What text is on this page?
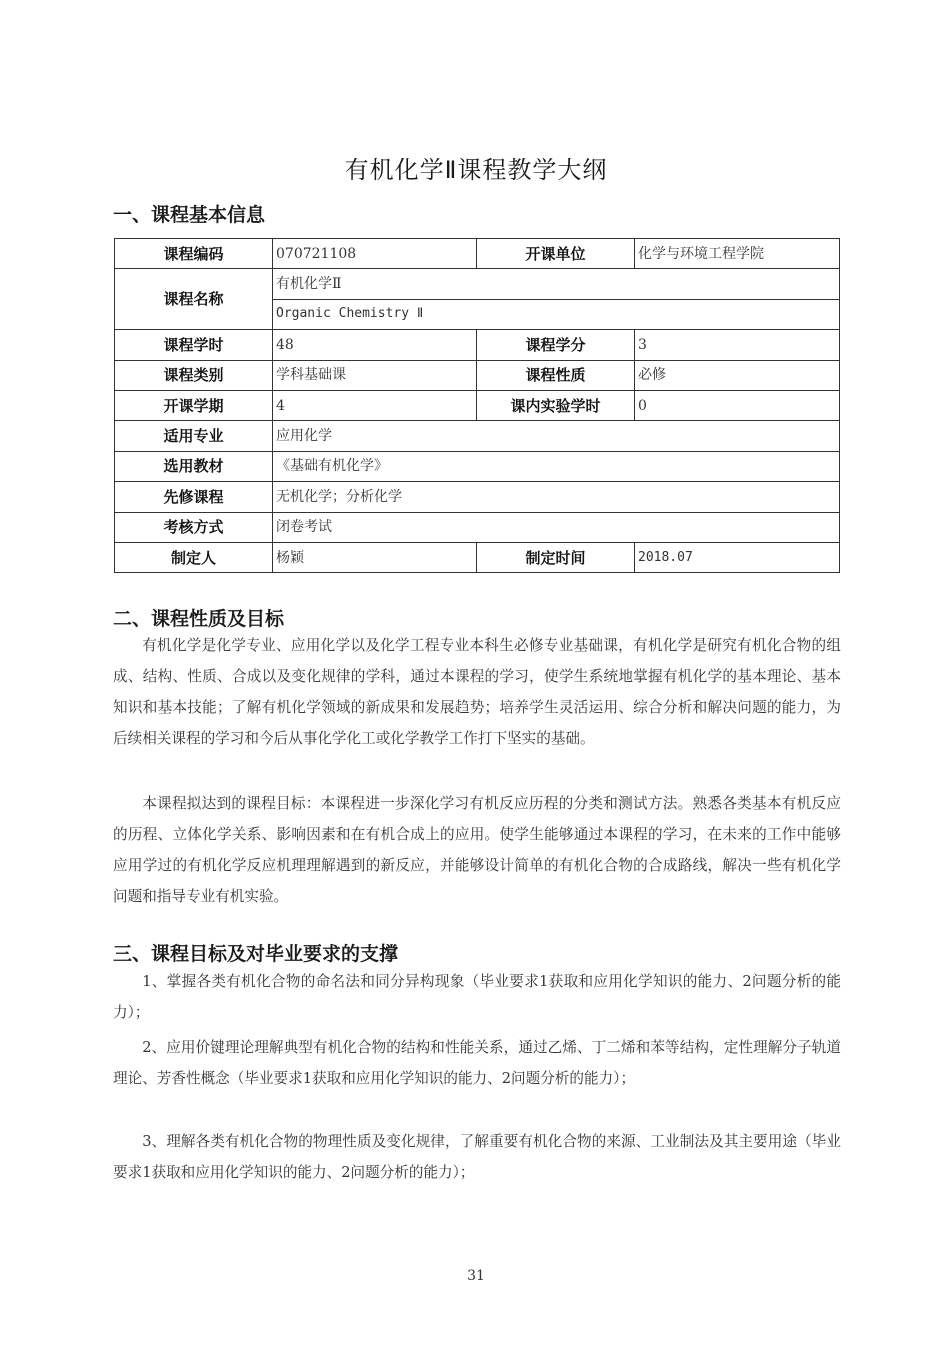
有机化学Ⅱ课程教学大纲
一、课程基本信息
课程编码	070721108	开课单位	化学与环境工程学院
课程名称	有机化学Ⅱ		
	Organic Chemistry Ⅱ		
课程学时	48	课程学分	3
课程类别	学科基础课	课程性质	必修
开课学期	4	课内实验学时	0
适用专业	应用化学		
选用教材	《基础有机化学》		
先修课程	无机化学；分析化学		
考核方式	闭卷考试		
制定人	杨颖	制定时间	2018.07
二、课程性质及目标

有机化学是化学专业、应用化学以及化学工程专业本科生必修专业基础课，有机化学是研究有机化合物的组成、结构、性质、合成以及变化规律的学科，通过本课程的学习，使学生系统地掌握有机化学的基本理论、基本知识和基本技能；了解有机化学领域的新成果和发展趋势；培养学生灵活运用、综合分析和解决问题的能力，为后续相关课程的学习和今后从事化学化工或化学教学工作打下坚实的基础。

本课程拟达到的课程目标：本课程进一步深化学习有机反应历程的分类和测试方法。熟悉各类基本有机反应的历程、立体化学关系、影响因素和在有机合成上的应用。使学生能够通过本课程的学习，在未来的工作中能够应用学过的有机化学反应机理理解遇到的新反应，并能够设计简单的有机化合物的合成路线，解决一些有机化学问题和指导专业有机实验。

三、课程目标及对毕业要求的支撑

1、掌握各类有机化合物的命名法和同分异构现象（毕业要求1获取和应用化学知识的能力、2问题分析的能力）；

2、应用价键理论理解典型有机化合物的结构和性能关系，通过乙烯、丁二烯和苯等结构，定性理解分子轨道理论、芳香性概念（毕业要求1获取和应用化学知识的能力、2问题分析的能力）；

3、理解各类有机化合物的物理性质及变化规律，了解重要有机化合物的来源、工业制法及其主要用途（毕业要求1获取和应用化学知识的能力、2问题分析的能力）；

31
